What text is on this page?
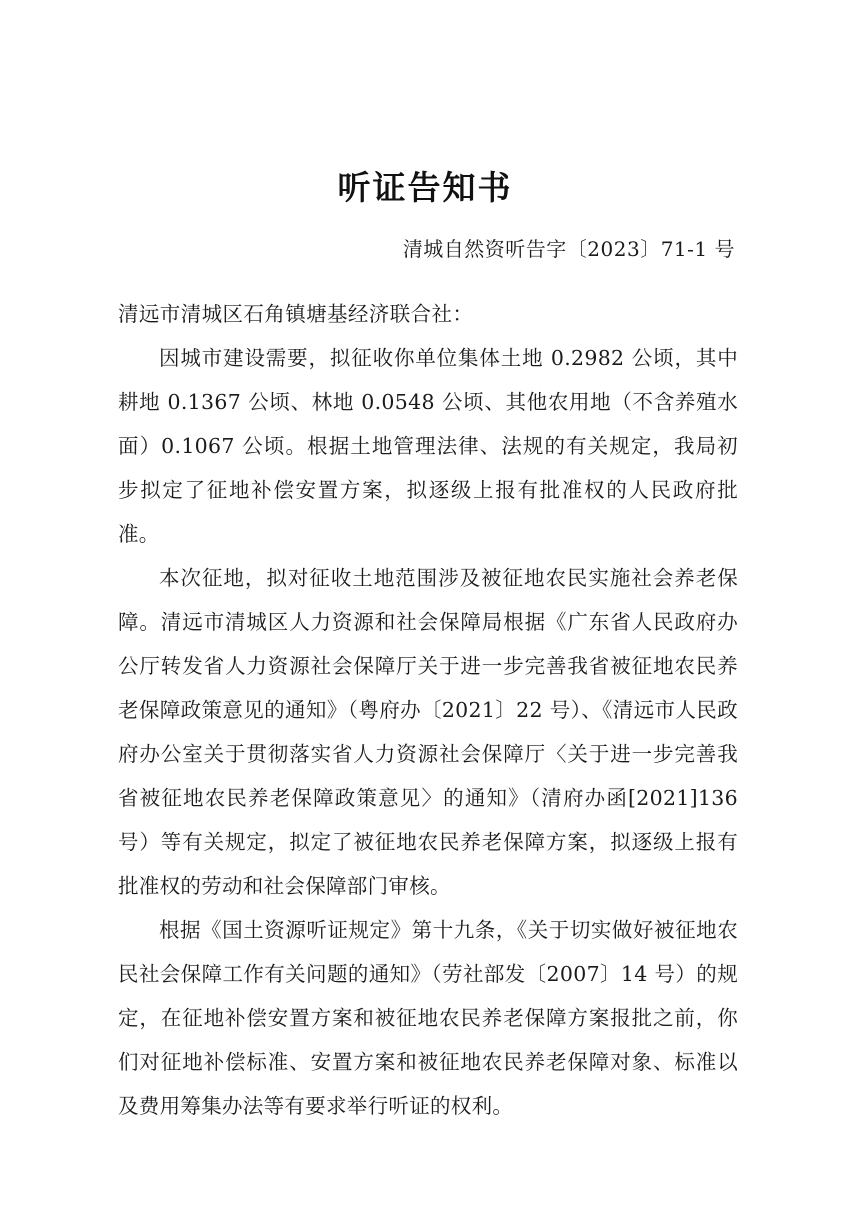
听证告知书
清城自然资听告字〔2023〕71-1 号
清远市清城区石角镇塘基经济联合社：

因城市建设需要，拟征收你单位集体土地 0.2982 公顷，其中耕地 0.1367 公顷、林地 0.0548 公顷、其他农用地（不含养殖水面）0.1067 公顷。根据土地管理法律、法规的有关规定，我局初步拟定了征地补偿安置方案，拟逐级上报有批准权的人民政府批准。

本次征地，拟对征收土地范围涉及被征地农民实施社会养老保障。清远市清城区人力资源和社会保障局根据《广东省人民政府办公厅转发省人力资源社会保障厅关于进一步完善我省被征地农民养老保障政策意见的通知》（粤府办〔2021〕22 号）、《清远市人民政府办公室关于贯彻落实省人力资源社会保障厅〈关于进一步完善我省被征地农民养老保障政策意见〉的通知》（清府办函[2021]136 号）等有关规定，拟定了被征地农民养老保障方案，拟逐级上报有批准权的劳动和社会保障部门审核。

根据《国土资源听证规定》第十九条，《关于切实做好被征地农民社会保障工作有关问题的通知》（劳社部发〔2007〕14 号）的规定，在征地补偿安置方案和被征地农民养老保障方案报批之前，你们对征地补偿标准、安置方案和被征地农民养老保障对象、标准以及费用筹集办法等有要求举行听证的权利。
